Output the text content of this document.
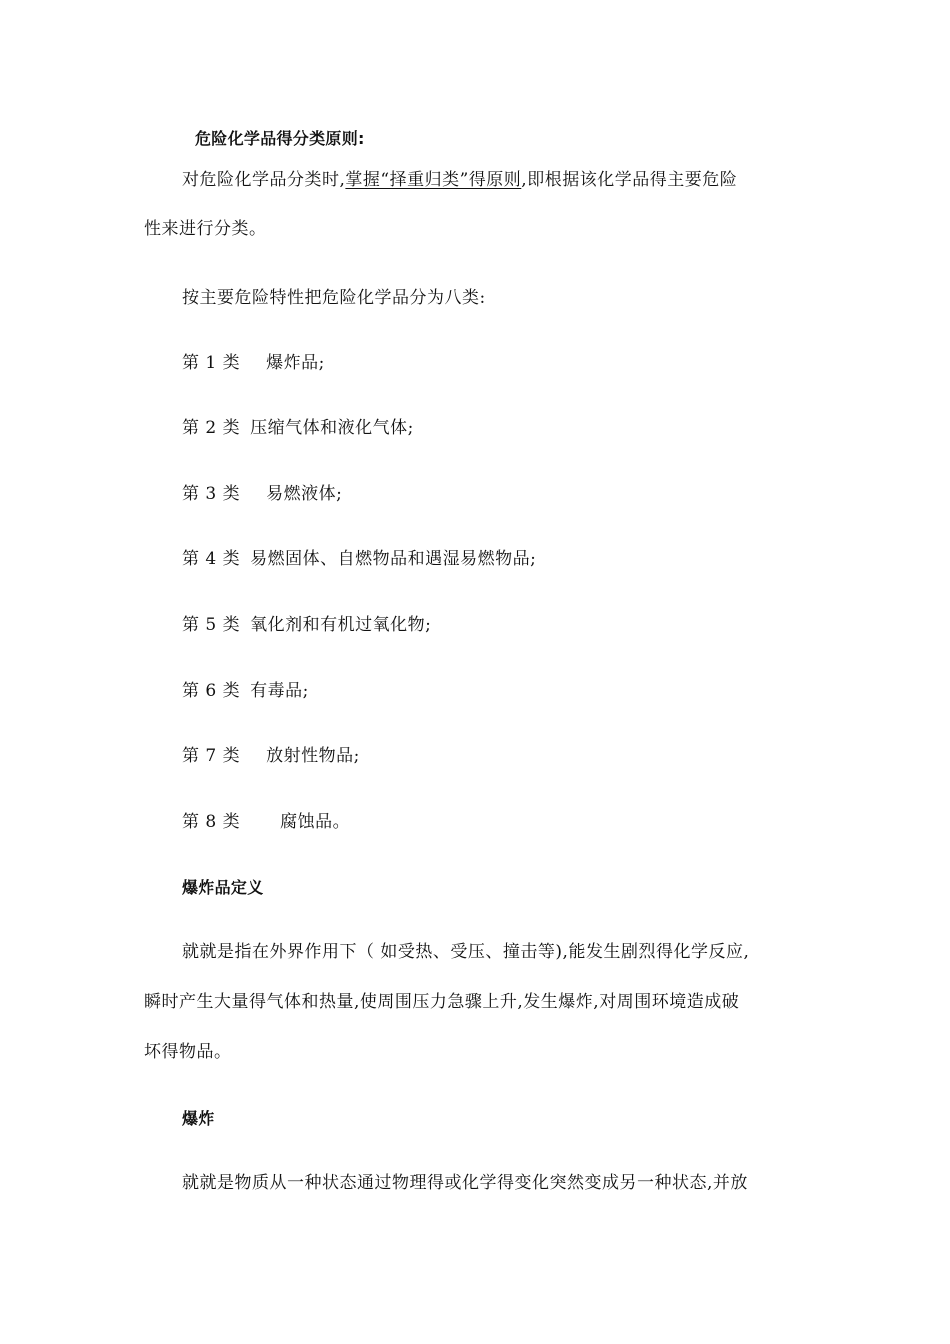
危险化学品得分类原则:
对危险化学品分类时,掌握“择重归类”得原则,即根据该化学品得主要危险
性来进行分类。
按主要危险特性把危险化学品分为八类:
第 1 类 爆炸品;
第 2 类 压缩气体和液化气体;
第 3 类 易燃液体;
第 4 类 易燃固体、自燃物品和遇湿易燃物品;
第 5 类 氧化剂和有机过氧化物;
第 6 类 有毒品;
第 7 类 放射性物品;
第 8 类 腐蚀品。
爆炸品定义
就就是指在外界作用下（ 如受热、受压、撞击等),能发生剧烈得化学反应,
瞬时产生大量得气体和热量,使周围压力急骤上升,发生爆炸,对周围环境造成破
坏得物品。
爆炸
就就是物质从一种状态通过物理得或化学得变化突然变成另一种状态,并放
